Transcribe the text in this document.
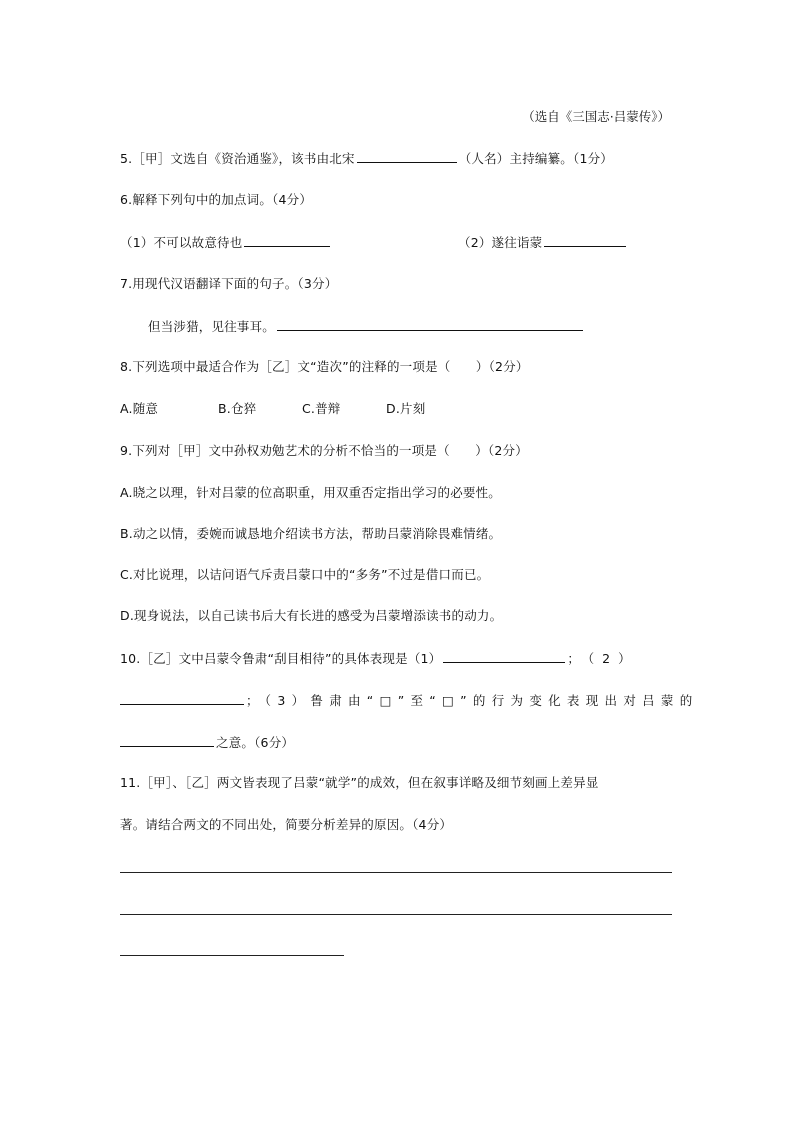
（选自《三国志·吕蒙传》）
5.［甲］文选自《资治通鉴》，该书由北宋	（人名）主持编纂。（1分）
6.解释下列句中的加点词。（4分）
（1）不可以故意待也	（2）遂往诣蒙
7.用现代汉语翻译下面的句子。（3分）
但当涉猎，见往事耳。
8.下列选项中最适合作为［乙］文“造次”的注释的一项是（　　）（2分）
A.随意	B.仓猝	C.普辩	D.片刻
9.下列对［甲］文中孙权劝勉艺术的分析不恰当的一项是（　　）（2分）
A.晓之以理，针对吕蒙的位高职重，用双重否定指出学习的必要性。
B.动之以情，委婉而诚恳地介绍读书方法，帮助吕蒙消除畏难情绪。
C.对比说理，以诘问语气斥责吕蒙口中的“多务”不过是借口而已。
D.现身说法，以自己读书后大有长进的感受为吕蒙增添读书的动力。
10.［乙］文中吕蒙令鲁肃“刮目相待”的具体表现是（1）	；（2）
；（3）鲁肃由“□”至“□”的行为变化表现出对吕蒙的
之意。（6分）
11.［甲］、［乙］两文皆表现了吕蒙“就学”的成效，但在叙事详略及细节刻画上差异显
著。请结合两文的不同出处，简要分析差异的原因。（4分）
